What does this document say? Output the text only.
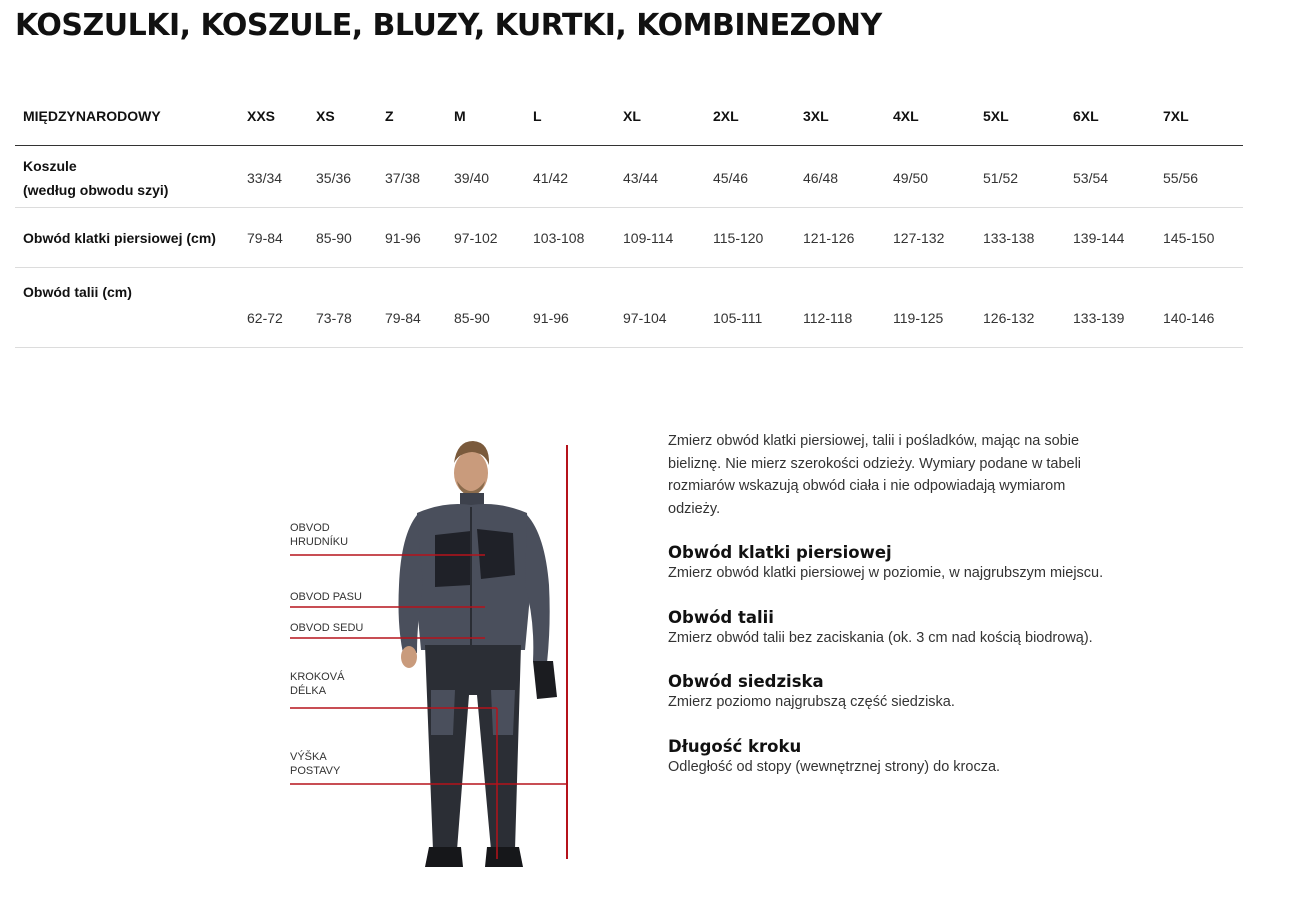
KOSZULKI, KOSZULE, BLUZY, KURTKI, KOMBINEZONY
MIĘDZYNARODOWY	XXS	XS	Z	M	L	XL	2XL	3XL	4XL	5XL	6XL	7XL

Koszule
(według obwodu szyi)	33/34	35/36	37/38	39/40	41/42	43/44	45/46	46/48	49/50	51/52	53/54	55/56
Obwód klatki piersiowej (cm)	79-84	85-90	91-96	97-102	103-108	109-114	115-120	121-126	127-132	133-138	139-144	145-150
Obwód talii (cm)	62-72	73-78	79-84	85-90	91-96	97-104	105-111	112-118	119-125	126-132	133-139	140-146
OBVOD
HRUDNÍKU
OBVOD PASU
OBVOD SEDU
KROKOVÁ
DÉLKA
VÝŠKA
POSTAVY

Zmierz obwód klatki piersiowej, talii i pośladków, mając na sobie bieliznę. Nie mierz szerokości odzieży. Wymiary podane w tabeli rozmiarów wskazują obwód ciała i nie odpowiadają wymiarom odzieży.

Obwód klatki piersiowej

Zmierz obwód klatki piersiowej w poziomie, w najgrubszym miejscu.

Obwód talii

Zmierz obwód talii bez zaciskania (ok. 3 cm nad kością biodrową).

Obwód siedziska

Zmierz poziomo najgrubszą część siedziska.

Długość kroku

Odległość od stopy (wewnętrznej strony) do krocza.
